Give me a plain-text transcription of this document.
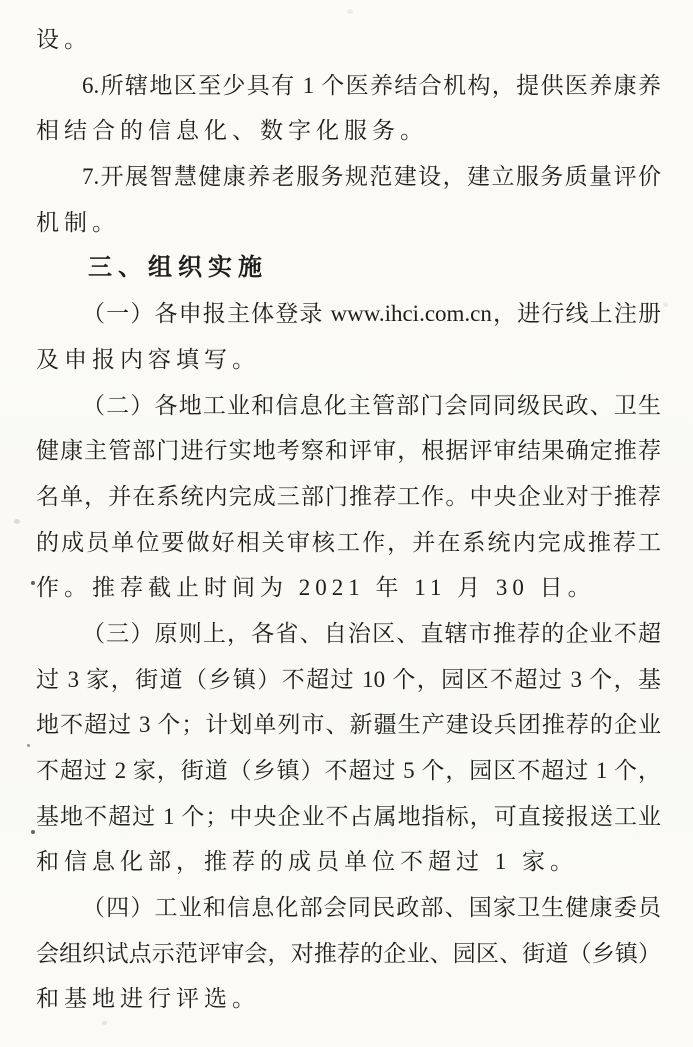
设。
6.所辖地区至少具有 1 个医养结合机构，提供医养康养
相结合的信息化、数字化服务。
7.开展智慧健康养老服务规范建设，建立服务质量评价
机制。
三、组织实施
（一）各申报主体登录 www.ihci.com.cn，进行线上注册
及申报内容填写。
（二）各地工业和信息化主管部门会同同级民政、卫生
健康主管部门进行实地考察和评审，根据评审结果确定推荐
名单，并在系统内完成三部门推荐工作。中央企业对于推荐
的成员单位要做好相关审核工作，并在系统内完成推荐工
作。推荐截止时间为 2021 年 11 月 30 日。
（三）原则上，各省、自治区、直辖市推荐的企业不超
过 3 家，街道（乡镇）不超过 10 个，园区不超过 3 个，基
地不超过 3 个；计划单列市、新疆生产建设兵团推荐的企业
不超过 2 家，街道（乡镇）不超过 5 个，园区不超过 1 个，
基地不超过 1 个；中央企业不占属地指标，可直接报送工业
和信息化部，推荐的成员单位不超过 1 家。
（四）工业和信息化部会同民政部、国家卫生健康委员
会组织试点示范评审会，对推荐的企业、园区、街道（乡镇）
和基地进行评选。
